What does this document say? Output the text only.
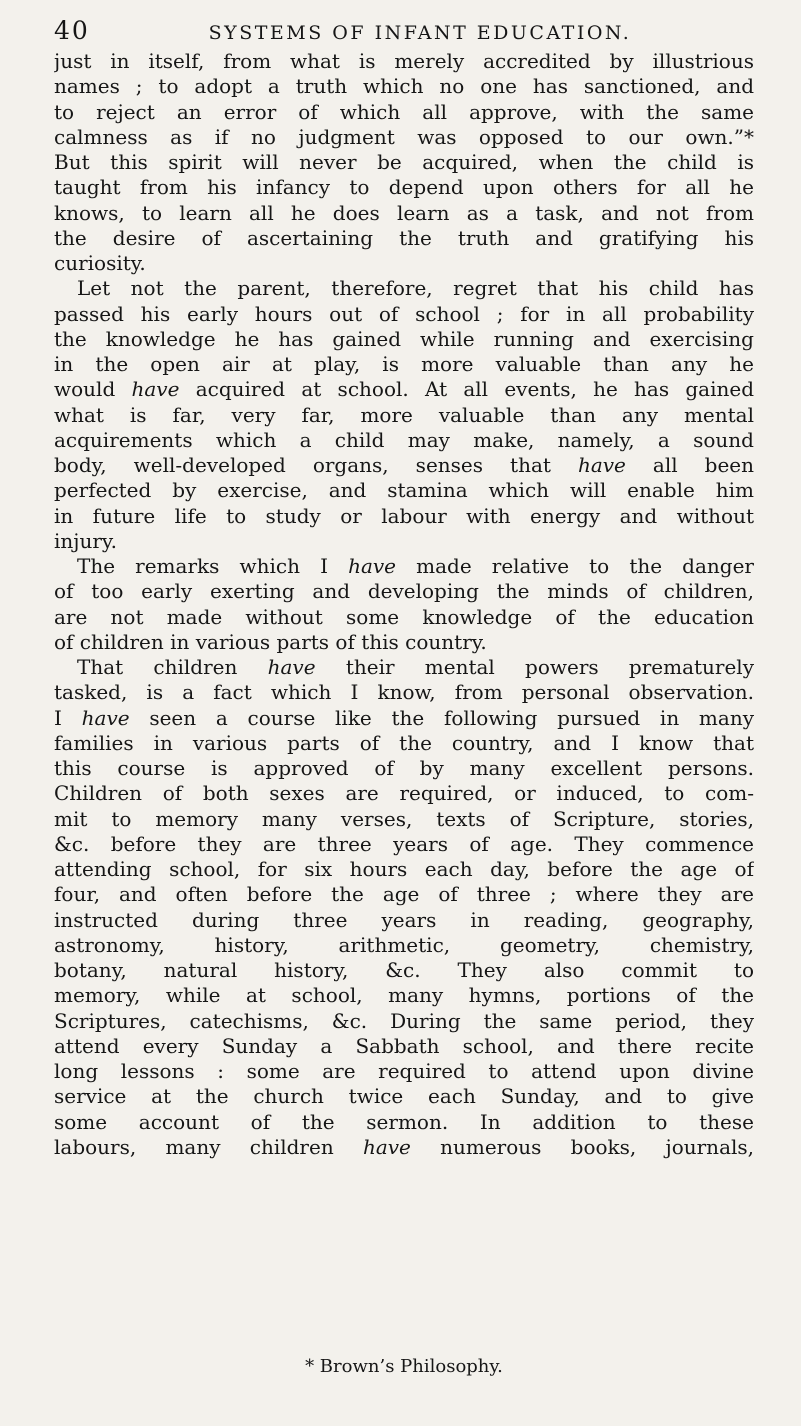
40	SYSTEMS OF INFANT EDUCATION.
just in itself, from what is merely accredited by illustrious
names ; to adopt a truth which no one has sanctioned, and
to reject an error of which all approve, with the same
calmness as if no judgment was opposed to our own.”*
But this spirit will never be acquired, when the child is
taught from his infancy to depend upon others for all he
knows, to learn all he does learn as a task, and not from
the desire of ascertaining the truth and gratifying his
curiosity.
Let not the parent, therefore, regret that his child has
passed his early hours out of school ; for in all probability
the knowledge he has gained while running and exercising
in the open air at play, is more valuable than any he
would have acquired at school. At all events, he has gained
what is far, very far, more valuable than any mental
acquirements which a child may make, namely, a sound
body, well-developed organs, senses that have all been
perfected by exercise, and stamina which will enable him
in future life to study or labour with energy and without
injury.
The remarks which I have made relative to the danger
of too early exerting and developing the minds of children,
are not made without some knowledge of the education
of children in various parts of this country.
That children have their mental powers prematurely
tasked, is a fact which I know, from personal observation.
I have seen a course like the following pursued in many
families in various parts of the country, and I know that
this course is approved of by many excellent persons.
Children of both sexes are required, or induced, to com-
mit to memory many verses, texts of Scripture, stories,
&c. before they are three years of age. They commence
attending school, for six hours each day, before the age of
four, and often before the age of three ; where they are
instructed during three years in reading, geography,
astronomy, history, arithmetic, geometry, chemistry,
botany, natural history, &c. They also commit to
memory, while at school, many hymns, portions of the
Scriptures, catechisms, &c. During the same period, they
attend every Sunday a Sabbath school, and there recite
long lessons : some are required to attend upon divine
service at the church twice each Sunday, and to give
some account of the sermon. In addition to these
labours, many children have numerous books, journals,
* Brown’s Philosophy.
